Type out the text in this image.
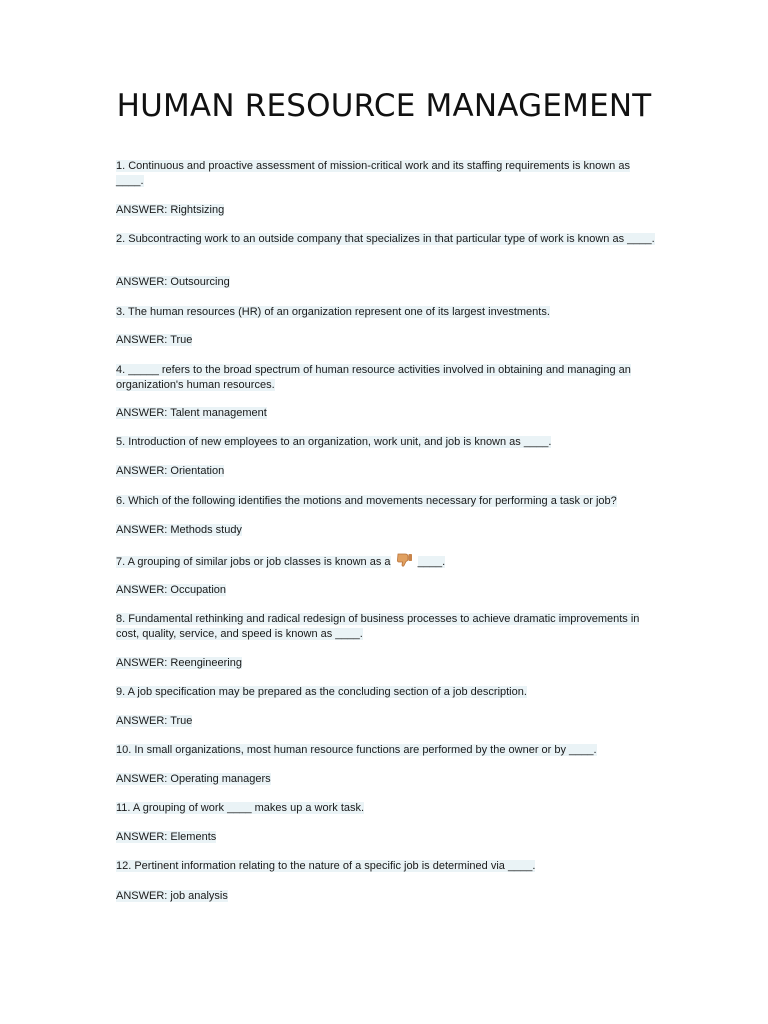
HUMAN RESOURCE MANAGEMENT
1. Continuous and proactive assessment of mission-critical work and its staffing requirements is known as ____.
ANSWER: Rightsizing
2. Subcontracting work to an outside company that specializes in that particular type of work is known as ____.
ANSWER: Outsourcing
3. The human resources (HR) of an organization represent one of its largest investments.
ANSWER: True
4. _____ refers to the broad spectrum of human resource activities involved in obtaining and managing an organization's human resources.
ANSWER: Talent management
5. Introduction of new employees to an organization, work unit, and job is known as ____.
ANSWER: Orientation
6. Which of the following identifies the motions and movements necessary for performing a task or job?
ANSWER: Methods study
7. A grouping of similar jobs or job classes is known as a ____.
ANSWER: Occupation
8. Fundamental rethinking and radical redesign of business processes to achieve dramatic improvements in cost, quality, service, and speed is known as ____.
ANSWER: Reengineering
9. A job specification may be prepared as the concluding section of a job description.
ANSWER: True
10. In small organizations, most human resource functions are performed by the owner or by ____.
ANSWER: Operating managers
11. A grouping of work ____ makes up a work task.
ANSWER: Elements
12. Pertinent information relating to the nature of a specific job is determined via ____.
ANSWER: job analysis
